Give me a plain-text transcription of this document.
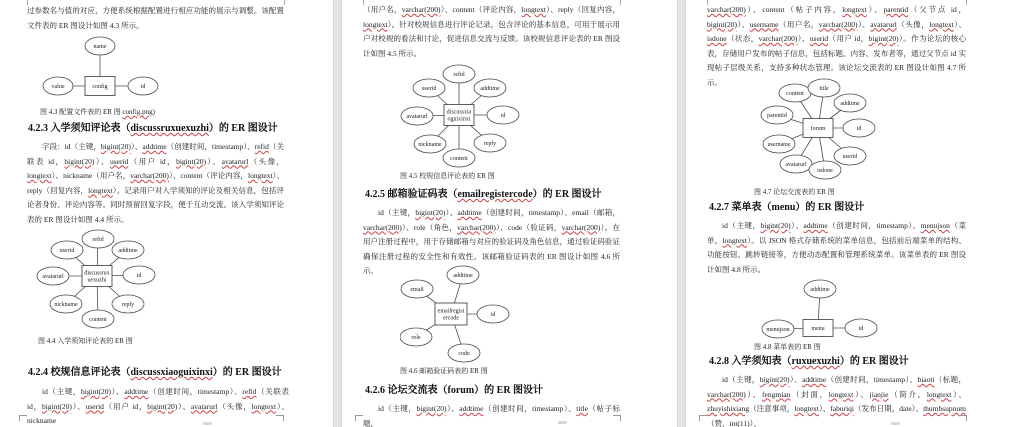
过参数名与值的对应，方便系统根据配置进行相应功能的展示与调整。该配置文件表的 ER 图设计如图 4.3 所示。

name
value	id
config
图 4.3 配置文件表的 ER 图 config.png)
4.2.3 入学须知评论表（discussruxuexuzhi）的 ER 图设计

字段：id（主键，bigint(20)）、addtime（创建时间，timestamp）、refid（关联表 id，bigint(20)）、userid（用户 id，bigint(20)）、avatarurl（头像，longtext）、nickname（用户名，varchar(200)）、content（评论内容，longtext）、reply（回复内容，longtext）。记录用户对入学须知的评论及相关信息，包括评论者身份、评论内容等。同时预留回复字段，便于互动交流。该入学须知评论表的 ER 图设计如图 4.4 所示。

refid
userid	addtime
avatarurl	id
nickname	reply
content
discussrux
uexuzhi
图 4.4 入学须知评论表的 ER 图
4.2.4 校规信息评论表（discussxiaoguixinxi）的 ER 图设计

id（主键，bigint(20)）、addtime（创建时间，timestamp）、refid（关联表 id，bigint(20)）、userid（用户 id，bigint(20)）、avatarurl（头像，longtext）、nickname

（用户名，varchar(200)）、content（评论内容，longtext）、reply（回复内容，longtext）。针对校规信息进行评论记录，包含评论的基本信息，可用于展示用户对校规的看法和讨论，促进信息交流与反馈。该校规信息评论表的 ER 图设计如图 4.5 所示。

refid
userid	addtime
avatarurl	id
nickname	reply
content
discussxia
oguixinxi
图 4.5 校规信息评论表的 ER 图
4.2.5 邮箱验证码表（emailregistercode）的 ER 图设计

id（主键，bigint(20)）、addtime（创建时间，timestamp）、email（邮箱，varchar(200)）、role（角色，varchar(200)）、code（验证码，varchar(200)）。在用户注册过程中，用于存储邮箱与对应的验证码及角色信息，通过验证码验证确保注册过程的安全性和有效性。该邮箱验证码表的 ER 图设计如图 4.6 所示。

addtime
email
id
role
code
emailregist
ercode
图 4.6 邮箱验证码表的 ER 图
4.2.6 论坛交流表（forum）的 ER 图设计

id（主键，bigint(20)）、addtime（创建时间，timestamp）、title（帖子标题，

varchar(200)）、content（帖子内容，longtext）、parentid（父节点 id，bigint(20)）、username（用户名，varchar(200)）、avatarurl（头像，longtext）、isdone（状态，varchar(200)）、userid（用户 id，bigint(20)）。作为论坛的核心表，存储用户发布的帖子信息，包括标题、内容、发布者等，通过父节点 id 实现帖子层级关系，支持多种状态管理。该论坛交流表的 ER 图设计如图 4.7 所示。

content
title
addtime
parentid
id
username
userid
avatarurl
isdone
forum
图 4.7 论坛交流表的 ER 图
4.2.7 菜单表（menu）的 ER 图设计

id（主键，bigint(20)）、addtime（创建时间，timestamp）、menujson（菜单，longtext）。以 JSON 格式存储系统的菜单信息，包括前后端菜单的结构、功能按钮、跳转链接等，方便动态配置和管理系统菜单。该菜单表的 ER 图设计如图 4.8 所示。

addtime
menujson	id
menu
图 4.8 菜单表的 ER 图
4.2.8 入学须知表（ruxuexuzhi）的 ER 图设计

id（主键，bigint(20)）、addtime（创建时间，timestamp）、biaoti（标题，varchar(200)）、fengmian（封面，longtext）、jianjie（简介，longtext）、zhuyishixiang（注意事项，longtext）、faburiqi（发布日期，date）、thumbsupnum（赞，int(11)）、
